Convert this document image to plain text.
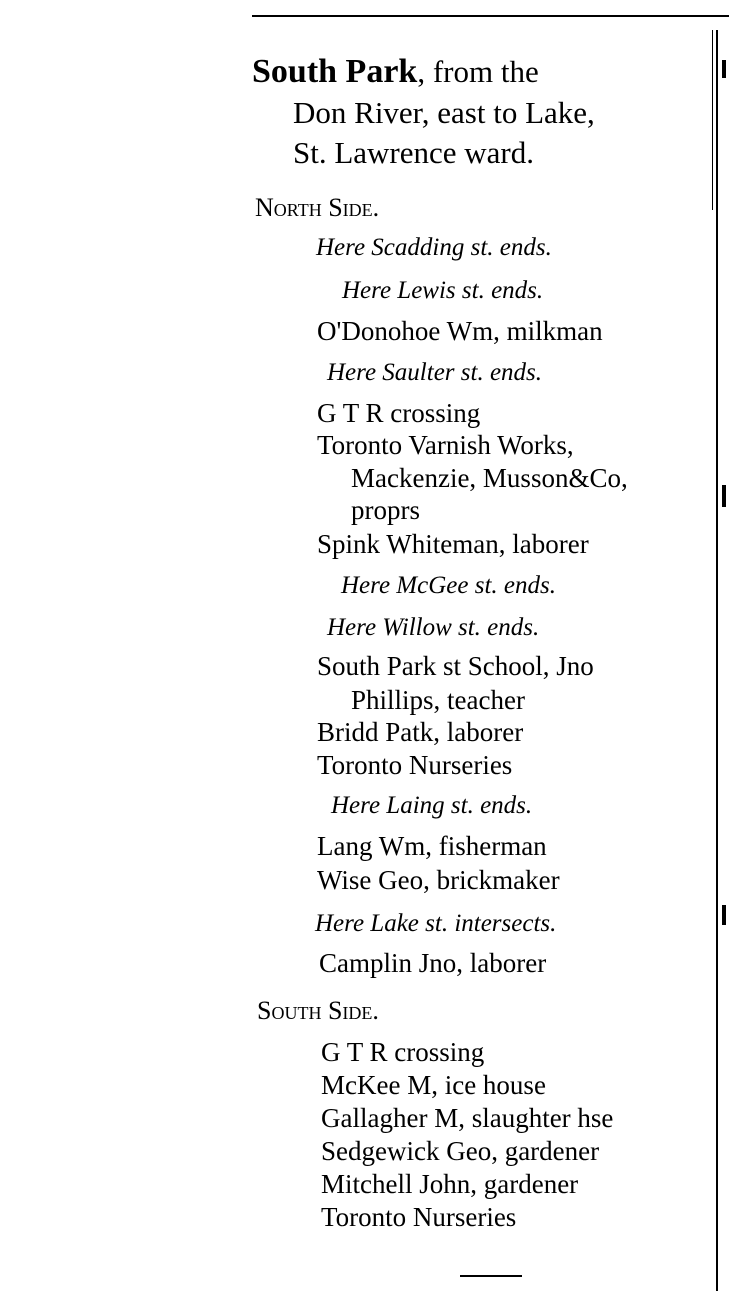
South Park, from the
Don River, east to Lake,
St. Lawrence ward.
North Side.
Here Scadding st. ends.
Here Lewis st. ends.
O'Donohoe Wm, milkman
Here Saulter st. ends.
G T R crossing
Toronto Varnish Works,
Mackenzie, Musson&Co,
proprs
Spink Whiteman, laborer
Here McGee st. ends.
Here Willow st. ends.
South Park st School, Jno
Phillips, teacher
Bridd Patk, laborer
Toronto Nurseries
Here Laing st. ends.
Lang Wm, fisherman
Wise Geo, brickmaker
Here Lake st. intersects.
Camplin Jno, laborer
South Side.
G T R crossing
McKee M, ice house
Gallagher M, slaughter hse
Sedgewick Geo, gardener
Mitchell John, gardener
Toronto Nurseries
